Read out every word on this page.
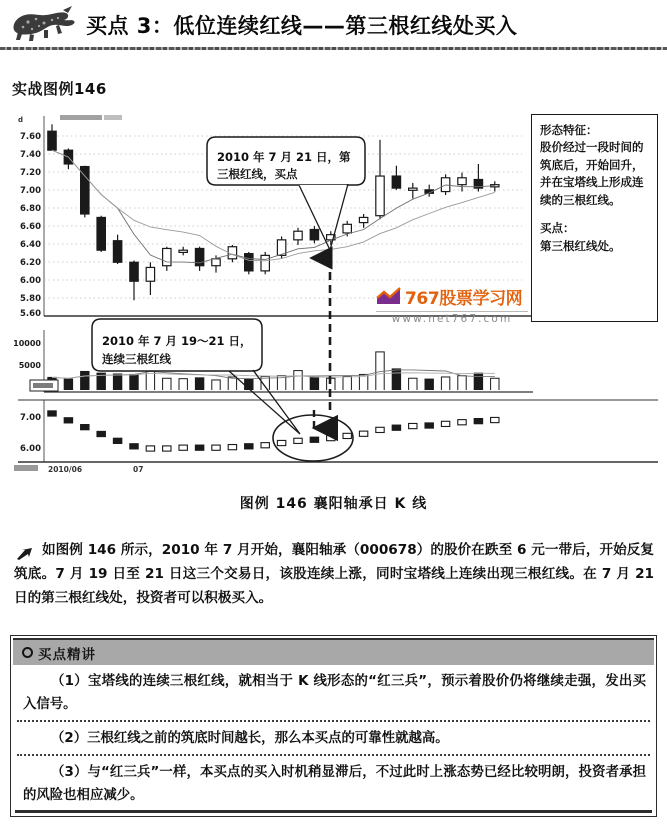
买点 3：低位连续红线——第三根红线处买入
实战图例146
7.60
7.40
7.20
7.00
6.80
6.60
6.40
6.20
6.00
5.80
5.60
d
10000
5000
7.00
6.00
2010/06	07
2010 年 7 月 21 日，第
三根红线，买点
2010 年 7 月 19～21 日，
连续三根红线

形态特征：

股价经过一段时间的筑底后，开始回升，并在宝塔线上形成连续的三根红线。

买点：

第三根红线处。

767股票学习网
www.net767.com
图例 146 襄阳轴承日 K 线
如图例 146 所示，2010 年 7 月开始，襄阳轴承（000678）的股价在跌至 6 元一带后，开始反复筑底。7 月 19 日至 21 日这三个交易日，该股连续上涨，同时宝塔线上连续出现三根红线。在 7 月 21 日的第三根红线处，投资者可以积极买入。
买点精讲
（1）宝塔线的连续三根红线，就相当于 K 线形态的“红三兵”，预示着股价仍将继续走强，发出买入信号。
（2）三根红线之前的筑底时间越长，那么本买点的可靠性就越高。
（3）与“红三兵”一样，本买点的买入时机稍显滞后，不过此时上涨态势已经比较明朗，投资者承担的风险也相应减少。
